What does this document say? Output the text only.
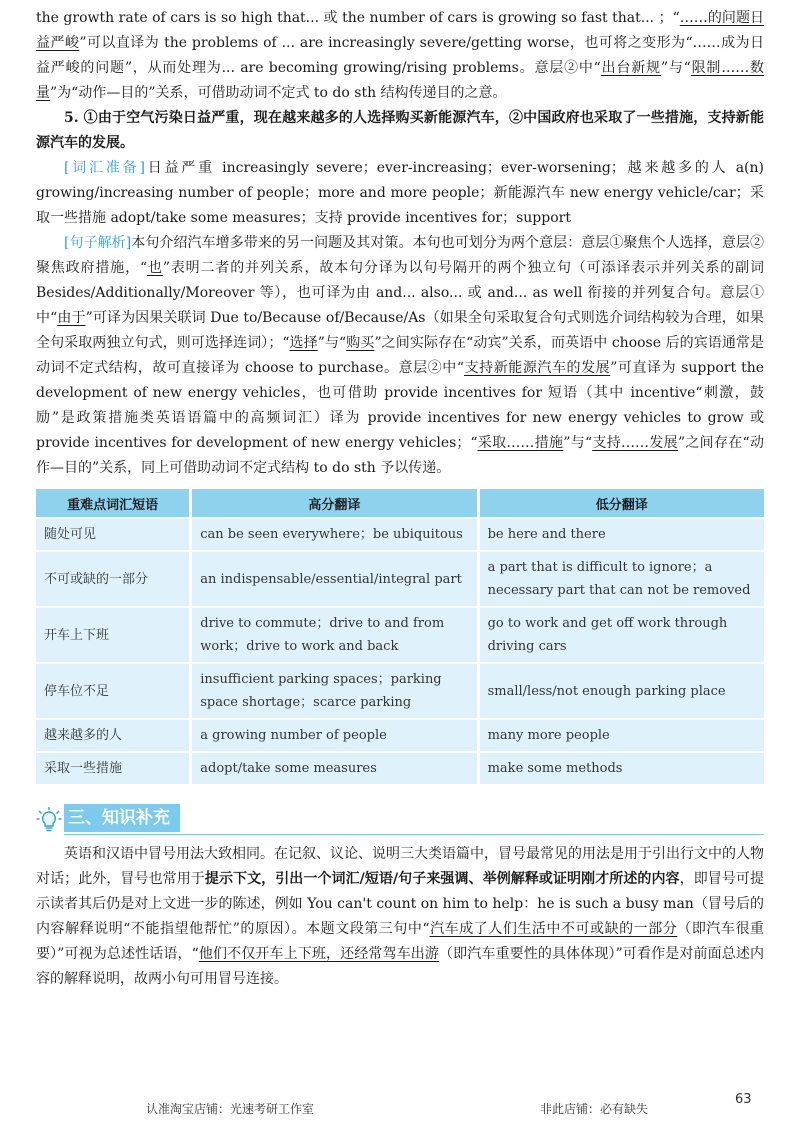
the growth rate of cars is so high that... 或 the number of cars is growing so fast that... ；“……的问题日益严峻”可以直译为 the problems of ... are increasingly severe/getting worse，也可将之变形为“……成为日益严峻的问题”，从而处理为... are becoming growing/rising problems。意层②中“出台新规”与“限制……数量”为“动作—目的”关系，可借助动词不定式 to do sth 结构传递目的之意。

5. ①由于空气污染日益严重，现在越来越多的人选择购买新能源汽车，②中国政府也采取了一些措施，支持新能源汽车的发展。

[词汇准备]日益严重 increasingly severe；ever-increasing；ever-worsening；越来越多的人 a(n) growing/increasing number of people；more and more people；新能源汽车 new energy vehicle/car；采取一些措施 adopt/take some measures；支持 provide incentives for；support

[句子解析]本句介绍汽车增多带来的另一问题及其对策。本句也可划分为两个意层：意层①聚焦个人选择，意层②聚焦政府措施，“也”表明二者的并列关系，故本句分译为以句号隔开的两个独立句（可添译表示并列关系的副词 Besides/Additionally/Moreover 等），也可译为由 and... also... 或 and... as well 衔接的并列复合句。意层①中“由于”可译为因果关联词 Due to/Because of/Because/As（如果全句采取复合句式则选介词结构较为合理，如果全句采取两独立句式，则可选择连词）；“选择”与“购买”之间实际存在“动宾”关系，而英语中 choose 后的宾语通常是动词不定式结构，故可直接译为 choose to purchase。意层②中“支持新能源汽车的发展”可直译为 support the development of new energy vehicles，也可借助 provide incentives for 短语（其中 incentive“刺激，鼓励”是政策措施类英语语篇中的高频词汇）译为 provide incentives for new energy vehicles to grow 或 provide incentives for development of new energy vehicles；“采取……措施”与“支持……发展”之间存在“动作—目的”关系，同上可借助动词不定式结构 to do sth 予以传递。

重难点词汇短语	高分翻译	低分翻译
随处可见	can be seen everywhere；be ubiquitous	be here and there
不可或缺的一部分	an indispensable/essential/integral part	a part that is difficult to ignore；a necessary part that can not be removed
开车上下班	drive to commute；drive to and from work；drive to work and back	go to work and get off work through driving cars
停车位不足	insufficient parking spaces；parking space shortage；scarce parking	small/less/not enough parking place
越来越多的人	a growing number of people	many more people
采取一些措施	adopt/take some measures	make some methods
三、知识补充

英语和汉语中冒号用法大致相同。在记叙、议论、说明三大类语篇中，冒号最常见的用法是用于引出行文中的人物对话；此外，冒号也常用于提示下文，引出一个词汇/短语/句子来强调、举例解释或证明刚才所述的内容，即冒号可提示读者其后仍是对上文进一步的陈述，例如 You can't count on him to help：he is such a busy man（冒号后的内容解释说明“不能指望他帮忙”的原因）。本题文段第三句中“汽车成了人们生活中不可或缺的一部分（即汽车很重要）”可视为总述性话语，“他们不仅开车上下班，还经常驾车出游（即汽车重要性的具体体现）”可看作是对前面总述内容的解释说明，故两小句可用冒号连接。

认准淘宝店铺：光速考研工作室	非此店铺：必有缺失
63
